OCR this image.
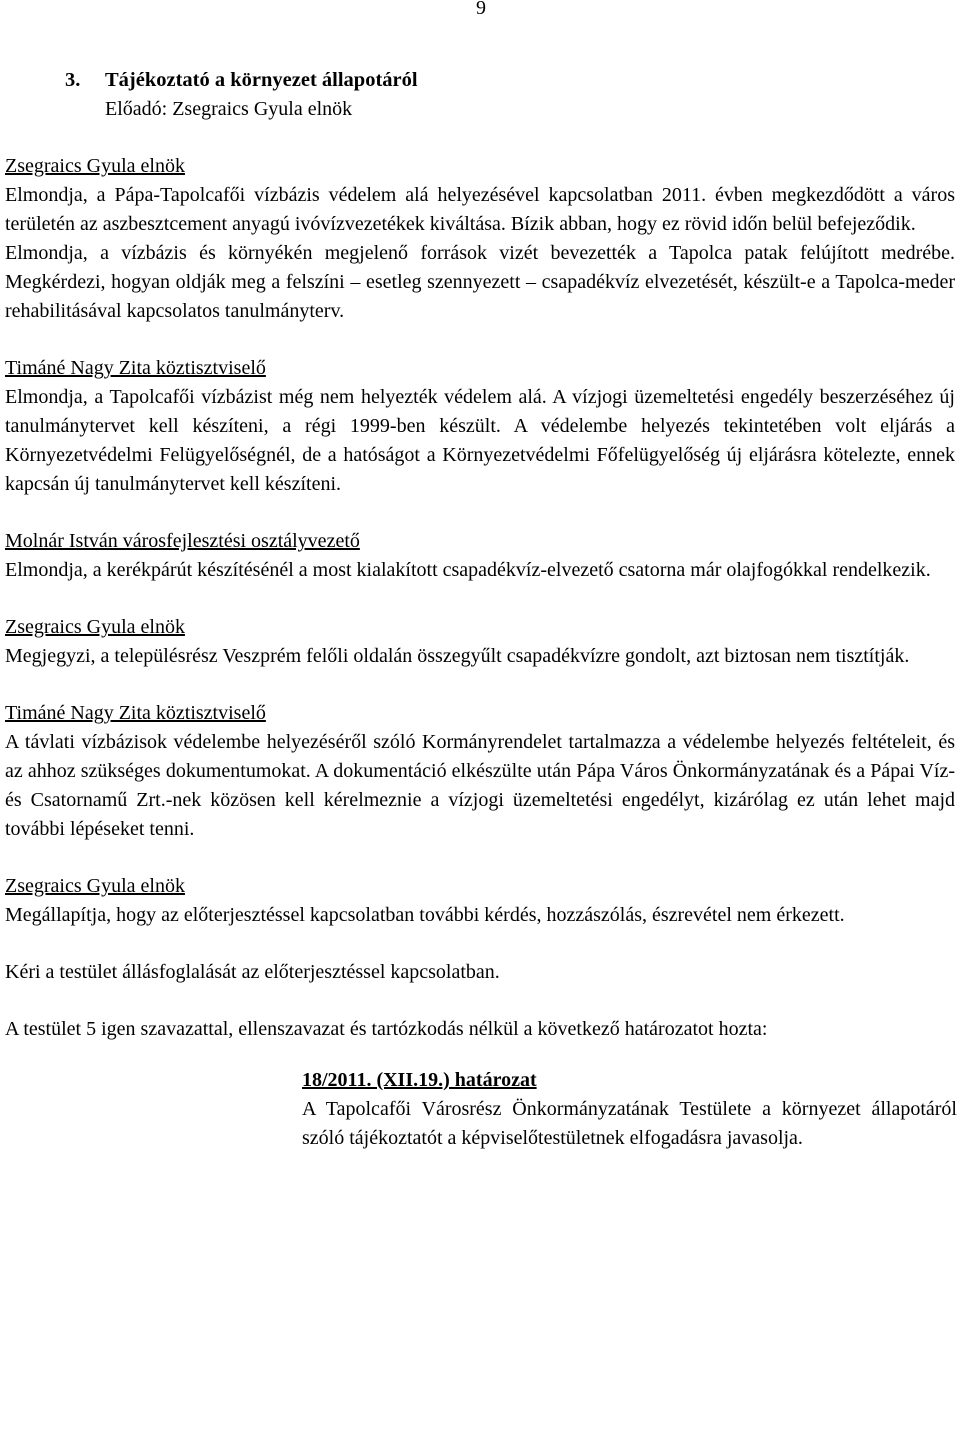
9
3.	Tájékoztató a környezet állapotáról
Előadó: Zsegraics Gyula elnök
Zsegraics Gyula elnök

Elmondja, a Pápa-Tapolcafői vízbázis védelem alá helyezésével kapcsolatban 2011. évben megkezdődött a város területén az aszbesztcement anyagú ivóvízvezetékek kiváltása. Bízik abban, hogy ez rövid időn belül befejeződik.

Elmondja, a vízbázis és környékén megjelenő források vizét bevezették a Tapolca patak felújított medrébe. Megkérdezi, hogyan oldják meg a felszíni – esetleg szennyezett – csapadékvíz elvezetését, készült-e a Tapolca-meder rehabilitásával kapcsolatos tanulmányterv.

Timáné Nagy Zita köztisztviselő

Elmondja, a Tapolcafői vízbázist még nem helyezték védelem alá. A vízjogi üzemeltetési engedély beszerzéséhez új tanulmánytervet kell készíteni, a régi 1999-ben készült. A védelembe helyezés tekintetében volt eljárás a Környezetvédelmi Felügyelőségnél, de a hatóságot a Környezetvédelmi Főfelügyelőség új eljárásra kötelezte, ennek kapcsán új tanulmánytervet kell készíteni.

Molnár István városfejlesztési osztályvezető

Elmondja, a kerékpárút készítésénél a most kialakított csapadékvíz-elvezető csatorna már olajfogókkal rendelkezik.

Zsegraics Gyula elnök

Megjegyzi, a településrész Veszprém felőli oldalán összegyűlt csapadékvízre gondolt, azt biztosan nem tisztítják.

Timáné Nagy Zita köztisztviselő

A távlati vízbázisok védelembe helyezéséről szóló Kormányrendelet tartalmazza a védelembe helyezés feltételeit, és az ahhoz szükséges dokumentumokat. A dokumentáció elkészülte után Pápa Város Önkormányzatának és a Pápai Víz-és Csatornamű Zrt.-nek közösen kell kérelmeznie a vízjogi üzemeltetési engedélyt, kizárólag ez után lehet majd további lépéseket tenni.

Zsegraics Gyula elnök

Megállapítja, hogy az előterjesztéssel kapcsolatban további kérdés, hozzászólás, észrevétel nem érkezett.

Kéri a testület állásfoglalását az előterjesztéssel kapcsolatban.

A testület 5 igen szavazattal, ellenszavazat és tartózkodás nélkül a következő határozatot hozta:

18/2011. (XII.19.) határozat

A Tapolcafői Városrész Önkormányzatának Testülete a környezet állapotáról szóló tájékoztatót a képviselőtestületnek elfogadásra javasolja.
